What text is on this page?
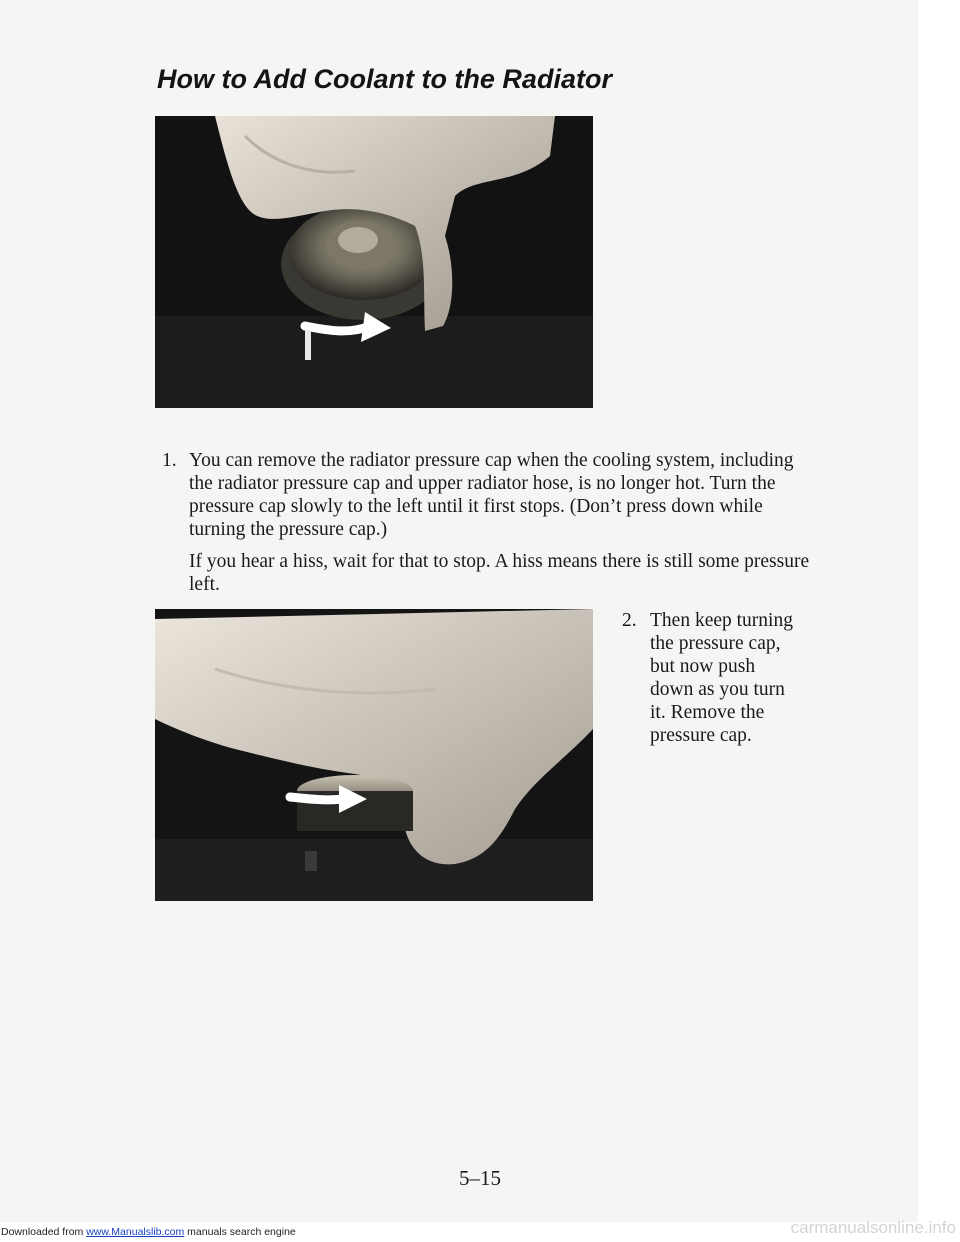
How to Add Coolant to the Radiator
1. You can remove the radiator pressure cap when the cooling system, including the radiator pressure cap and upper radiator hose, is no longer hot. Turn the pressure cap slowly to the left until it first stops. (Don’t press down while turning the pressure cap.)
If you hear a hiss, wait for that to stop. A hiss means there is still some pressure left.
2. Then keep turning the pressure cap, but now push down as you turn it. Remove the pressure cap.
5–15
Downloaded from www.Manualslib.com manuals search engine	carmanualsonline.info
